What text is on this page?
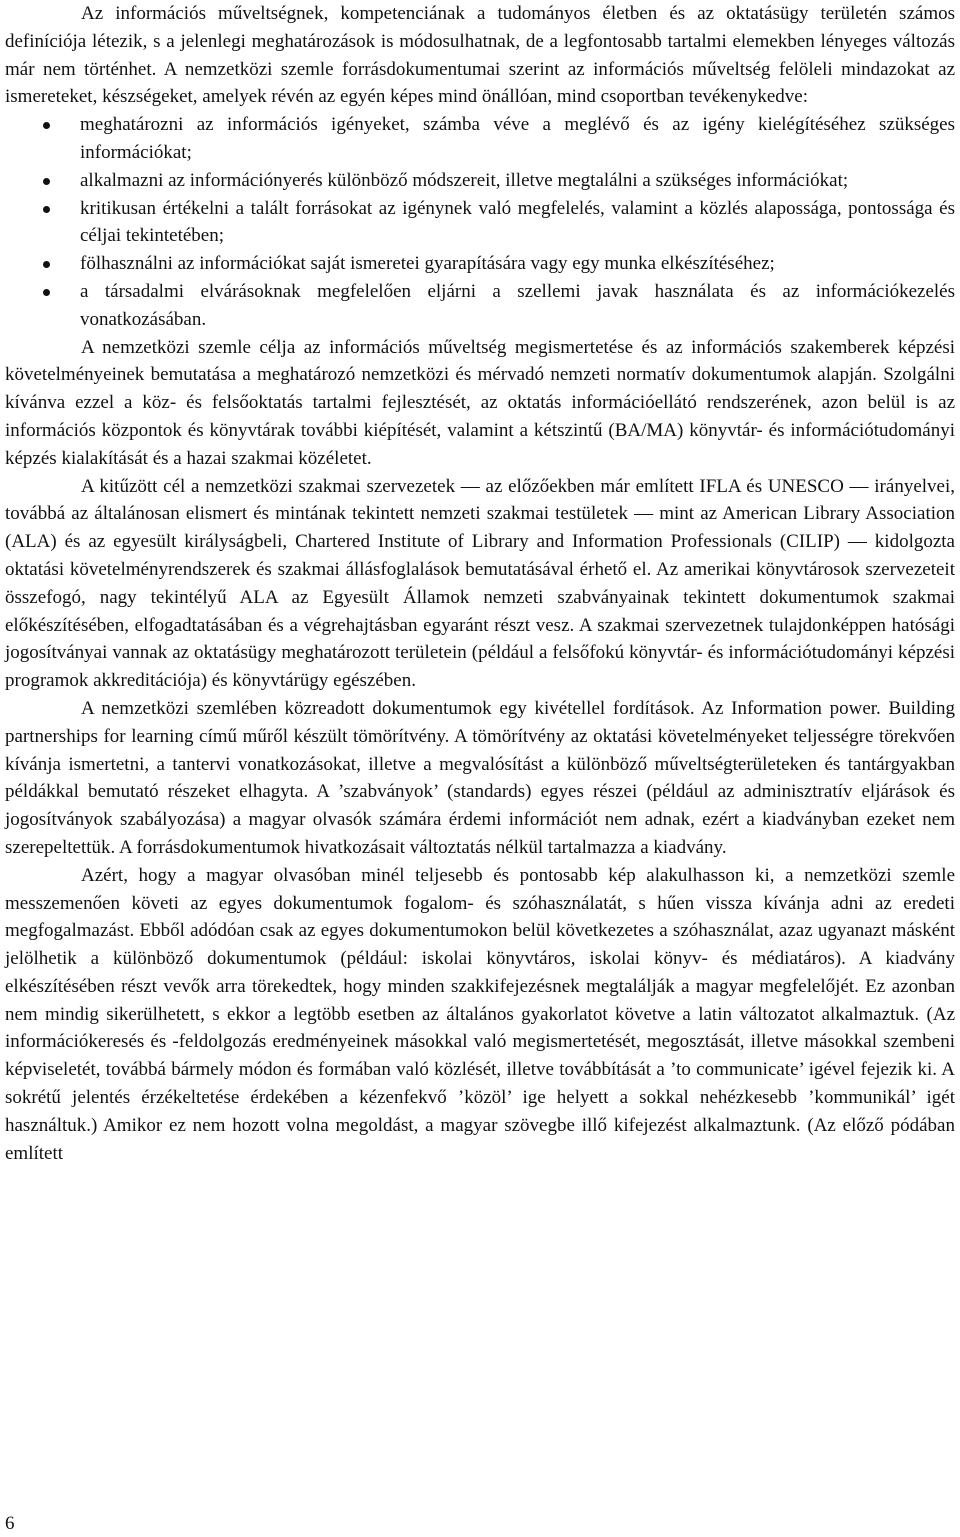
Az információs műveltségnek, kompetenciának a tudományos életben és az oktatásügy területén számos definíciója létezik, s a jelenlegi meghatározások is módosulhatnak, de a legfontosabb tartalmi elemekben lényeges változás már nem történhet. A nemzetközi szemle forrásdokumentumai szerint az információs műveltség felöleli mindazokat az ismereteket, készségeket, amelyek révén az egyén képes mind önállóan, mind csoportban tevékenykedve:

meghatározni az információs igényeket, számba véve a meglévő és az igény kielégítéséhez szükséges információkat;
alkalmazni az információnyerés különböző módszereit, illetve megtalálni a szükséges információkat;
kritikusan értékelni a talált forrásokat az igénynek való megfelelés, valamint a közlés alapossága, pontossága és céljai tekintetében;
fölhasználni az információkat saját ismeretei gyarapítására vagy egy munka elkészítéséhez;
a társadalmi elvárásoknak megfelelően eljárni a szellemi javak használata és az információkezelés vonatkozásában.

A nemzetközi szemle célja az információs műveltség megismertetése és az információs szakemberek képzési követelményeinek bemutatása a meghatározó nemzetközi és mérvadó nemzeti normatív dokumentumok alapján. Szolgálni kívánva ezzel a köz- és felsőoktatás tartalmi fejlesztését, az oktatás információellátó rendszerének, azon belül is az információs központok és könyvtárak további kiépítését, valamint a kétszintű (BA/MA) könyvtár- és információtudományi képzés kialakítását és a hazai szakmai közéletet.

A kitűzött cél a nemzetközi szakmai szervezetek ― az előzőekben már említett IFLA és UNESCO ― irányelvei, továbbá az általánosan elismert és mintának tekintett nemzeti szakmai testületek ― mint az American Library Association (ALA) és az egyesült királyságbeli, Chartered Institute of Library and Information Professionals (CILIP) ― kidolgozta oktatási követelményrendszerek és szakmai állásfoglalások bemutatásával érhető el. Az amerikai könyvtárosok szervezeteit összefogó, nagy tekintélyű ALA az Egyesült Államok nemzeti szabványainak tekintett dokumentumok szakmai előkészítésében, elfogadtatásában és a végrehajtásban egyaránt részt vesz. A szakmai szervezetnek tulajdonképpen hatósági jogosítványai vannak az oktatásügy meghatározott területein (például a felsőfokú könyvtár- és információtudományi képzési programok akkreditációja) és könyvtárügy egészében.

A nemzetközi szemlében közreadott dokumentumok egy kivétellel fordítások. Az Information power. Building partnerships for learning című műről készült tömörítvény. A tömörítvény az oktatási követelményeket teljességre törekvően kívánja ismertetni, a tantervi vonatkozásokat, illetve a megvalósítást a különböző műveltségterületeken és tantárgyakban példákkal bemutató részeket elhagyta. A ’szabványok’ (standards) egyes részei (például az adminisztratív eljárások és jogosítványok szabályozása) a magyar olvasók számára érdemi információt nem adnak, ezért a kiadványban ezeket nem szerepeltettük. A forrásdokumentumok hivatkozásait változtatás nélkül tartalmazza a kiadvány.

Azért, hogy a magyar olvasóban minél teljesebb és pontosabb kép alakulhasson ki, a nemzetközi szemle messzemenően követi az egyes dokumentumok fogalom- és szóhasználatát, s hűen vissza kívánja adni az eredeti megfogalmazást. Ebből adódóan csak az egyes dokumentumokon belül következetes a szóhasználat, azaz ugyanazt másként jelölhetik a különböző dokumentumok (például: iskolai könyvtáros, iskolai könyv- és médiatáros). A kiadvány elkészítésében részt vevők arra törekedtek, hogy minden szakkifejezésnek megtalálják a magyar megfelelőjét. Ez azonban nem mindig sikerülhetett, s ekkor a legtöbb esetben az általános gyakorlatot követve a latin változatot alkalmaztuk. (Az információkeresés és -feldolgozás eredményeinek másokkal való megismertetését, megosztását, illetve másokkal szembeni képviseletét, továbbá bármely módon és formában való közlését, illetve továbbítását a ’to communicate’ igével fejezik ki. A sokrétű jelentés érzékeltetése érdekében a kézenfekvő ’közöl’ ige helyett a sokkal nehézkesebb ’kommunikál’ igét használtuk.) Amikor ez nem hozott volna megoldást, a magyar szövegbe illő kifejezést alkalmaztunk. (Az előző pódában említett

6
